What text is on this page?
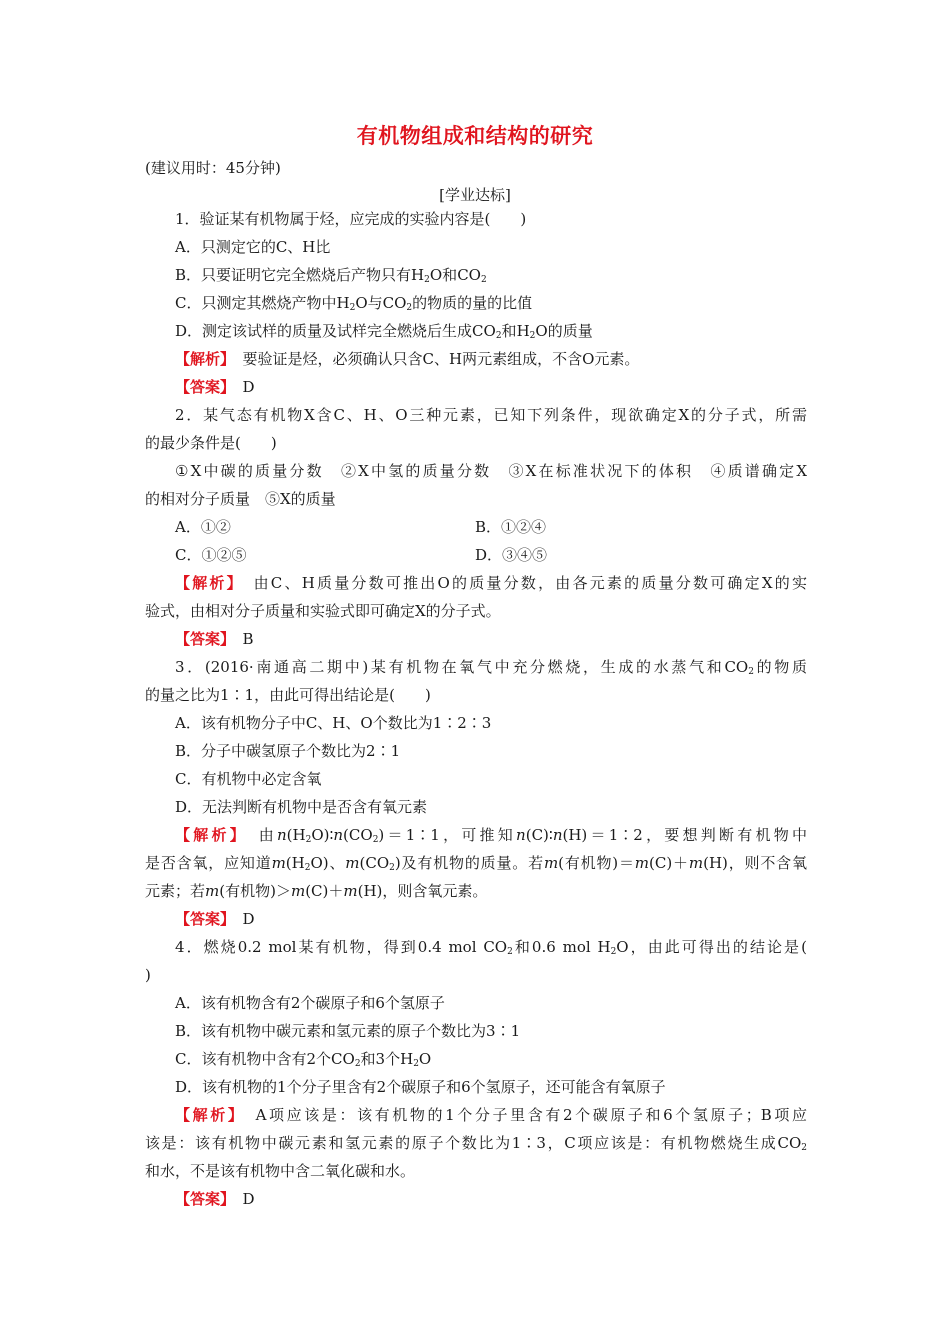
有机物组成和结构的研究
(建议用时：45分钟)
[学业达标]
1．验证某有机物属于烃，应完成的实验内容是(　　)
A．只测定它的C、H比
B．只要证明它完全燃烧后产物只有$H_2O$和$CO_2$
C．只测定其燃烧产物中$H_2O$与$CO_2$的物质的量的比值
D．测定该试样的质量及试样完全燃烧后生成$CO_2$和$H_2O$的质量
【解析】　 要验证是烃，必须确认只含C、H两元素组成，不含O元素。
【答案】　 D
2．某气态有机物X含C、H、O三种元素，已知下列条件，现欲确定X的分子式，所需
的最少条件是(　　)
①X中碳的质量分数　②X中氢的质量分数　③X在标准状况下的体积　④质谱确定X
的相对分子质量　⑤X的质量
A．①②	B．①②④
C．①②⑤	D．③④⑤
【解析】　 由C、H质量分数可推出O的质量分数，由各元素的质量分数可确定X的实
验式，由相对分子质量和实验式即可确定X的分子式。
【答案】　 B
3．(2016·南通高二期中)某有机物在氧气中充分燃烧，生成的水蒸气和$CO_2$的物质
的量之比为1∶1，由此可得出结论是(　　)
A．该有机物分子中C、H、O个数比为1∶2∶3
B．分子中碳氢原子个数比为2∶1
C．有机物中必定含氧
D．无法判断有机物中是否含有氧元素
【解析】　 由$n(H_2O)∶n(CO_2)=1∶1$，可推知n(C)∶n(H)＝1∶2，要想判断有机物中
是否含氧，应知道$m(H_2O)$、$m(CO_2)$及有机物的质量。若m(有机物)＝m(C)＋m(H)，则不含氧
元素；若m(有机物)＞m(C)＋m(H)，则含氧元素。
【答案】　 D
4．燃烧0.2 mol某有机物，得到0.4 mol $CO_2$和0.6 mol $H_2O$，由此可得出的结论是(
)
A．该有机物含有2个碳原子和6个氢原子
B．该有机物中碳元素和氢元素的原子个数比为3∶1
C．该有机物中含有2个$CO_2$和3个$H_2O$
D．该有机物的1个分子里含有2个碳原子和6个氢原子，还可能含有氧原子
【解析】　 A项应该是：该有机物的1个分子里含有2个碳原子和6个氢原子；B项应
该是：该有机物中碳元素和氢元素的原子个数比为1∶3，C项应该是：有机物燃烧生成$CO_2$
和水，不是该有机物中含二氧化碳和水。
【答案】　 D
